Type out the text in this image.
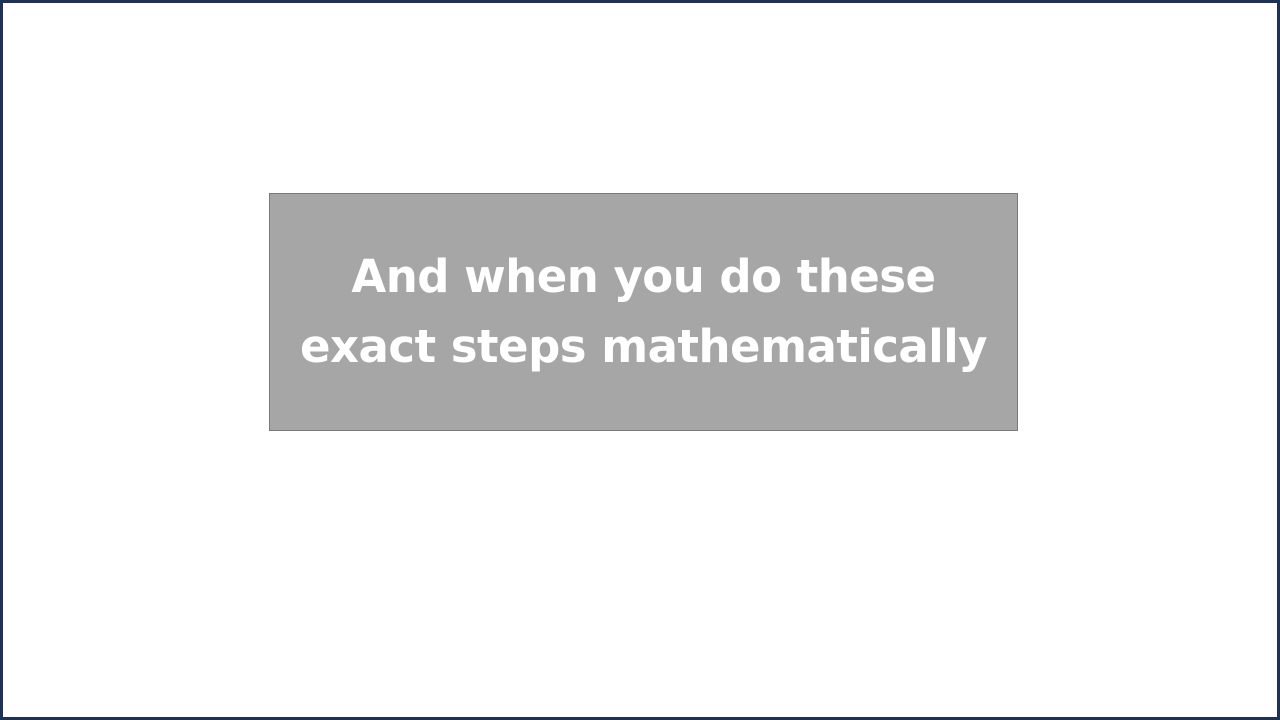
And when you do these exact steps mathematically
